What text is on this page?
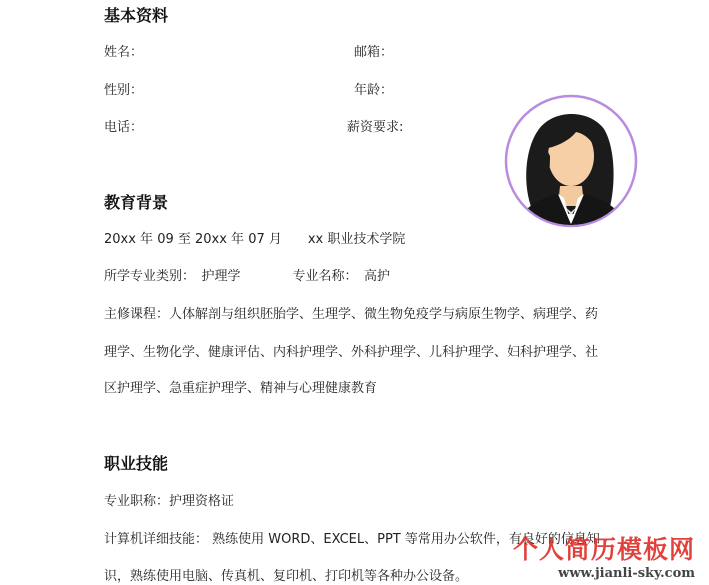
基本资料
姓名：	邮箱：
性别：	年龄：
电话：	薪资要求:
教育背景
20xx 年 09 至 20xx 年 07 月　　xx 职业技术学院
所学专业类别：　护理学　　　　专业名称：　高护
主修课程：人体解剖与组织胚胎学、生理学、微生物免疫学与病原生物学、病理学、药
理学、生物化学、健康评估、内科护理学、外科护理学、儿科护理学、妇科护理学、社
区护理学、急重症护理学、精神与心理健康教育
职业技能
专业职称：护理资格证
计算机详细技能： 熟练使用 WORD、EXCEL、PPT 等常用办公软件，有良好的信息知
识，熟练使用电脑、传真机、复印机、打印机等各种办公设备。
个人简历模板网
www.jianli-sky.com
